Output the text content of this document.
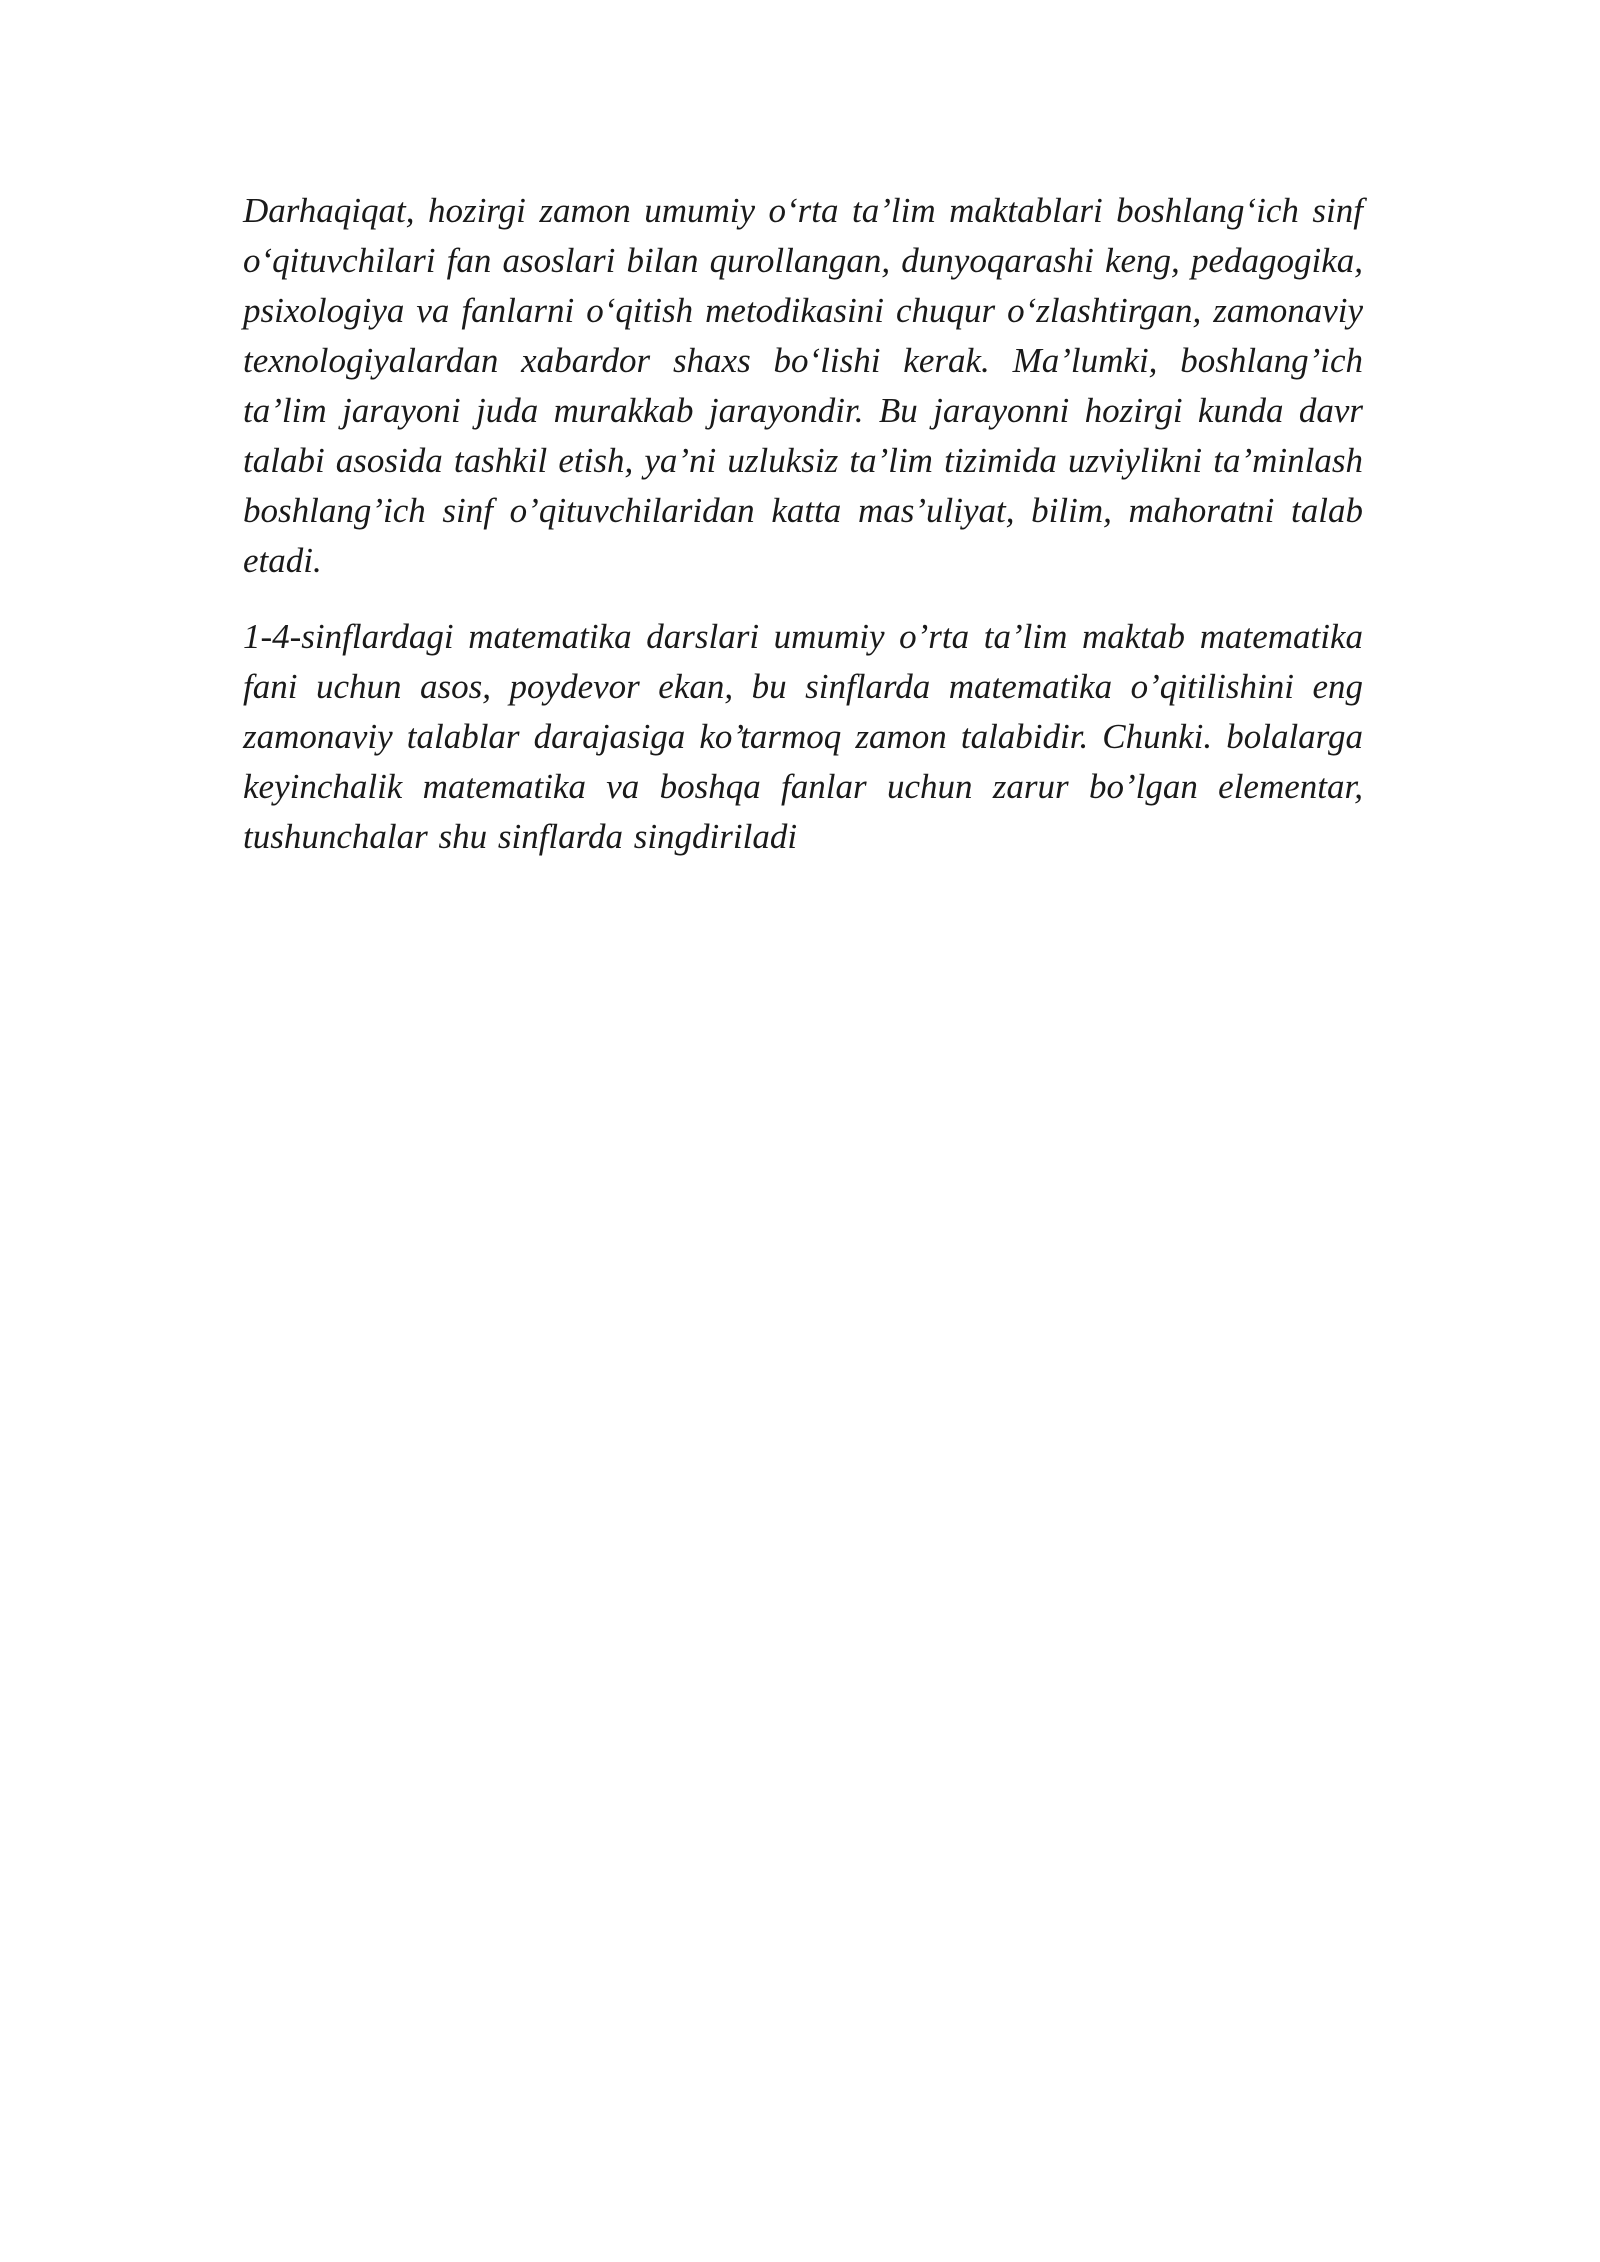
Darhaqiqat, hozirgi zamon umumiy o‘rta ta’lim maktablari boshlang‘ich sinf o‘qituvchilari fan asoslari bilan qurollangan, dunyoqarashi keng, pedagogika, psixologiya va fanlarni o‘qitish metodikasini chuqur o‘zlashtirgan, zamonaviy texnologiyalardan xabardor shaxs bo‘lishi kerak. Ma’lumki, boshlang’ich ta’lim jarayoni juda murakkab jarayondir. Bu jarayonni hozirgi kunda davr talabi asosida tashkil etish, ya’ni uzluksiz ta’lim tizimida uzviylikni ta’minlash boshlang’ich sinf o’qituvchilaridan katta mas’uliyat, bilim, mahoratni talab etadi.

1-4-sinflardagi matematika darslari umumiy o’rta ta’lim maktab matematika fani uchun asos, poydevor ekan, bu sinflarda matematika o’qitilishini eng zamonaviy talablar darajasiga ko’tarmoq zamon talabidir. Chunki. bolalarga keyinchalik matematika va boshqa fanlar uchun zarur bo’lgan elementar, tushunchalar shu sinflarda singdiriladi
